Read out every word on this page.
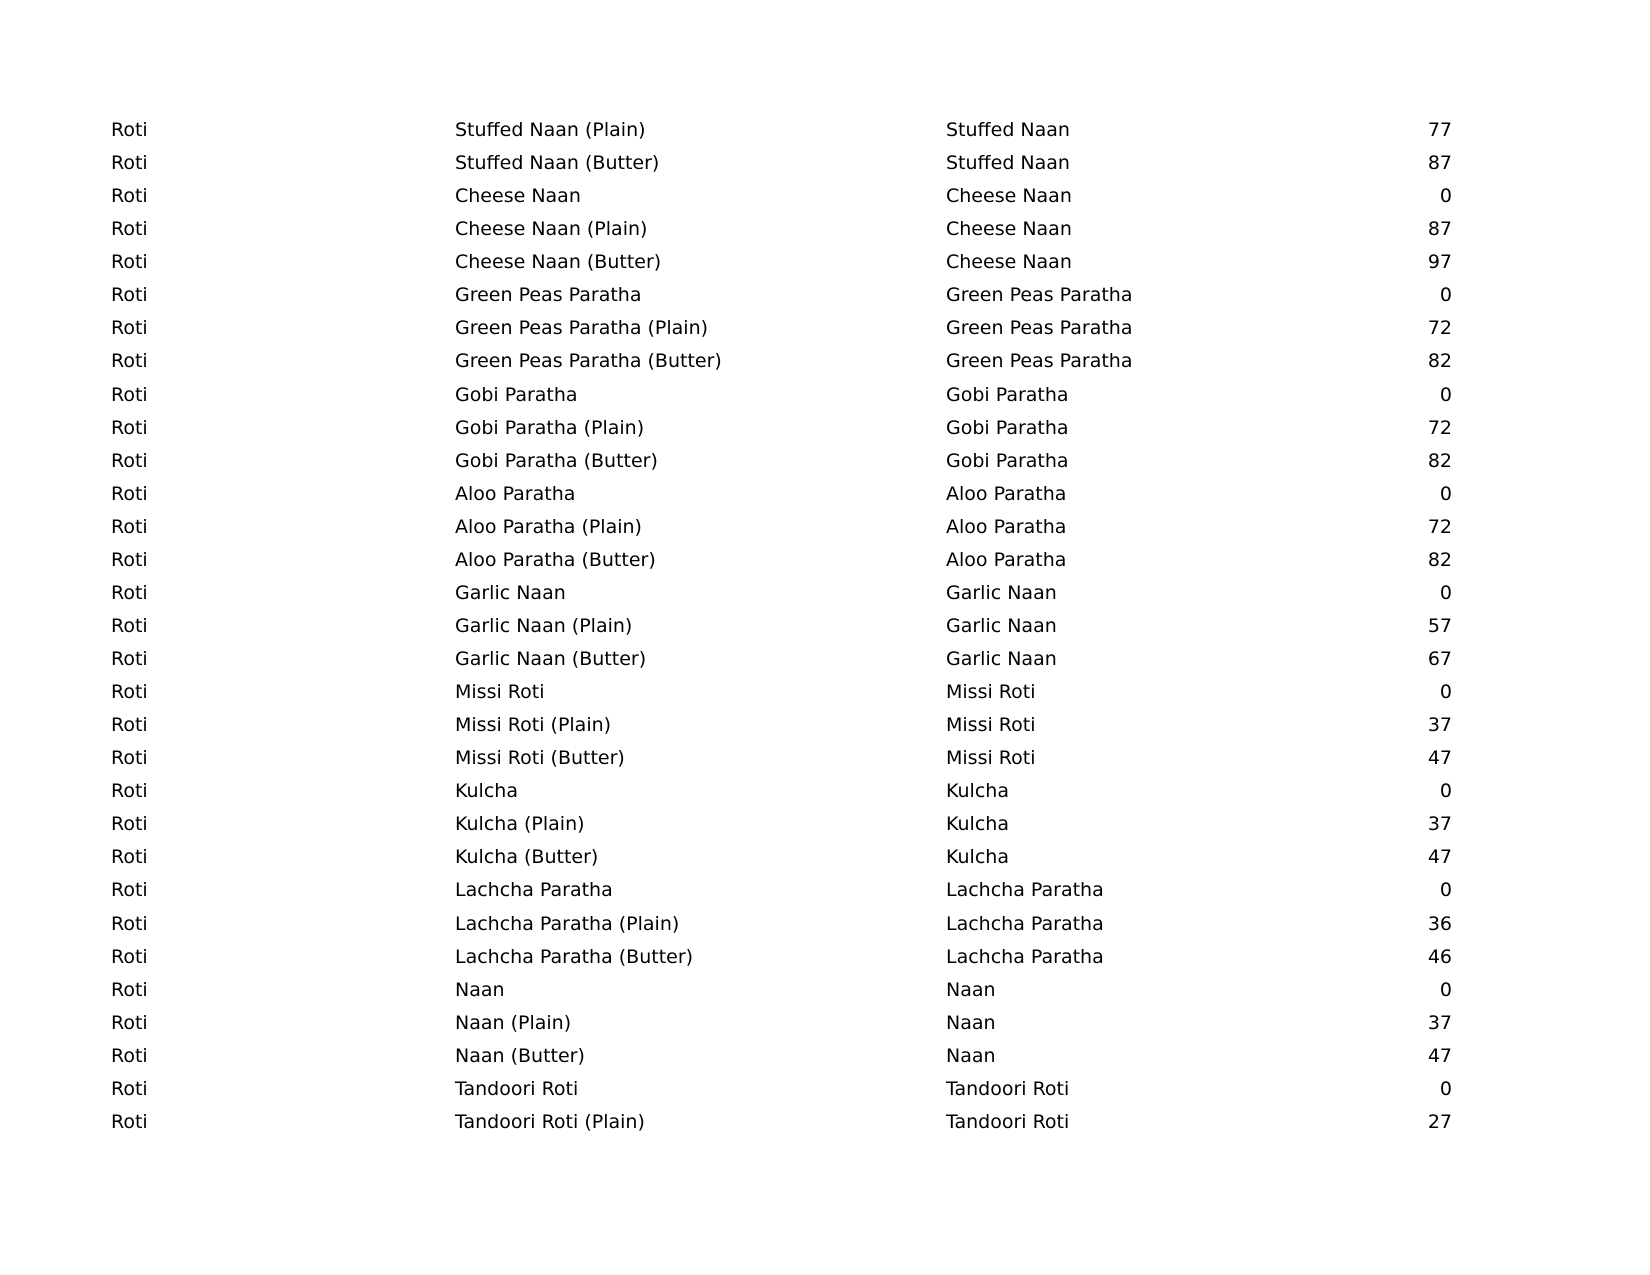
Roti	Stuffed Naan (Plain)	Stuffed Naan	77
Roti	Stuffed Naan (Butter)	Stuffed Naan	87
Roti	Cheese Naan	Cheese Naan	0
Roti	Cheese Naan (Plain)	Cheese Naan	87
Roti	Cheese Naan (Butter)	Cheese Naan	97
Roti	Green Peas Paratha	Green Peas Paratha	0
Roti	Green Peas Paratha (Plain)	Green Peas Paratha	72
Roti	Green Peas Paratha (Butter)	Green Peas Paratha	82
Roti	Gobi Paratha	Gobi Paratha	0
Roti	Gobi Paratha (Plain)	Gobi Paratha	72
Roti	Gobi Paratha (Butter)	Gobi Paratha	82
Roti	Aloo Paratha	Aloo Paratha	0
Roti	Aloo Paratha (Plain)	Aloo Paratha	72
Roti	Aloo Paratha (Butter)	Aloo Paratha	82
Roti	Garlic Naan	Garlic Naan	0
Roti	Garlic Naan (Plain)	Garlic Naan	57
Roti	Garlic Naan (Butter)	Garlic Naan	67
Roti	Missi Roti	Missi Roti	0
Roti	Missi Roti (Plain)	Missi Roti	37
Roti	Missi Roti (Butter)	Missi Roti	47
Roti	Kulcha	Kulcha	0
Roti	Kulcha (Plain)	Kulcha	37
Roti	Kulcha (Butter)	Kulcha	47
Roti	Lachcha Paratha	Lachcha Paratha	0
Roti	Lachcha Paratha (Plain)	Lachcha Paratha	36
Roti	Lachcha Paratha (Butter)	Lachcha Paratha	46
Roti	Naan	Naan	0
Roti	Naan (Plain)	Naan	37
Roti	Naan (Butter)	Naan	47
Roti	Tandoori Roti	Tandoori Roti	0
Roti	Tandoori Roti (Plain)	Tandoori Roti	27
